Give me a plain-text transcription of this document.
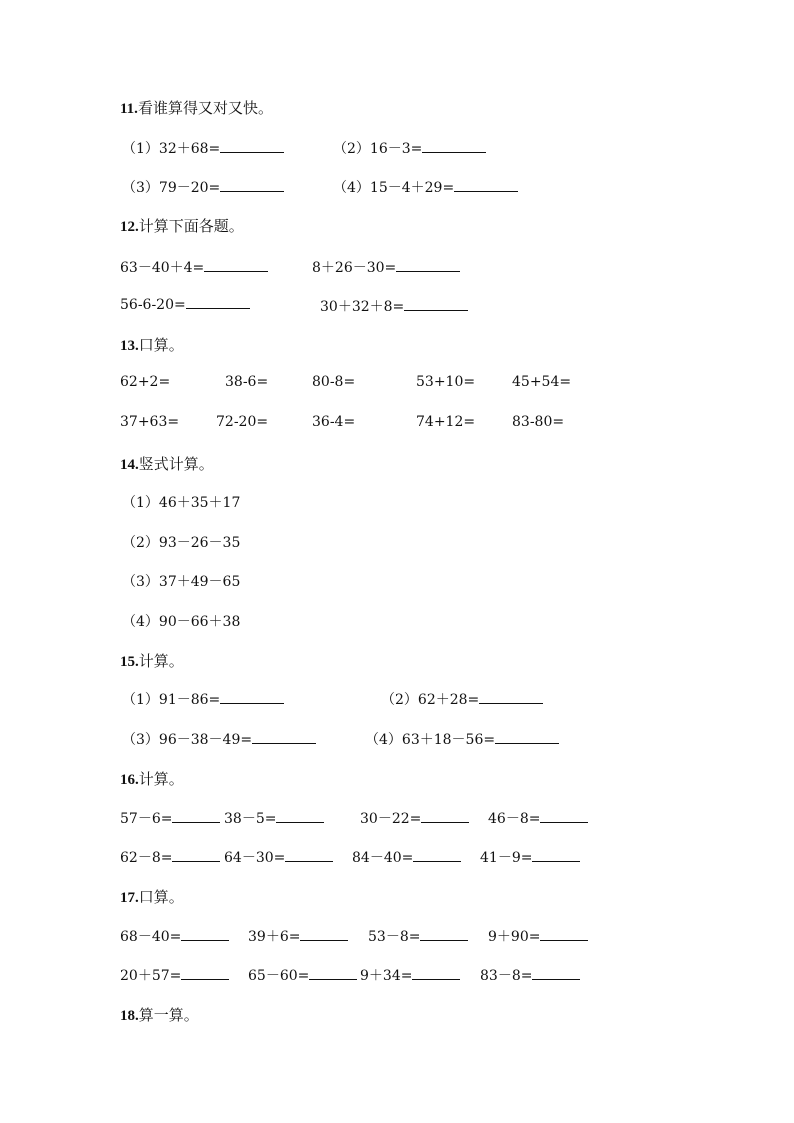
11.看谁算得又对又快。
（1）32＋68=	（2）16－3=
（3）79－20=	（4）15－4＋29=
12.计算下面各题。
63－40＋4=	8＋26－30=
56-6-20=	30＋32＋8=
13.口算。
62+2=	38-6=	80-8=	53+10=	45+54=
37+63=	72-20=	36-4=	74+12=	83-80=
14.竖式计算。
（1）46＋35＋17
（2）93－26－35
（3）37＋49－65
（4）90－66＋38
15.计算。
（1）91－86=	（2）62＋28=
（3）96－38－49=	（4）63＋18－56=
16.计算。
57－6=	38－5=	30－22=	46－8=
62－8=	64－30=	84－40=	41－9=
17.口算。
68－40=	39＋6=	53－8=	9＋90=
20＋57=	65－60=	9＋34=	83－8=
18.算一算。
